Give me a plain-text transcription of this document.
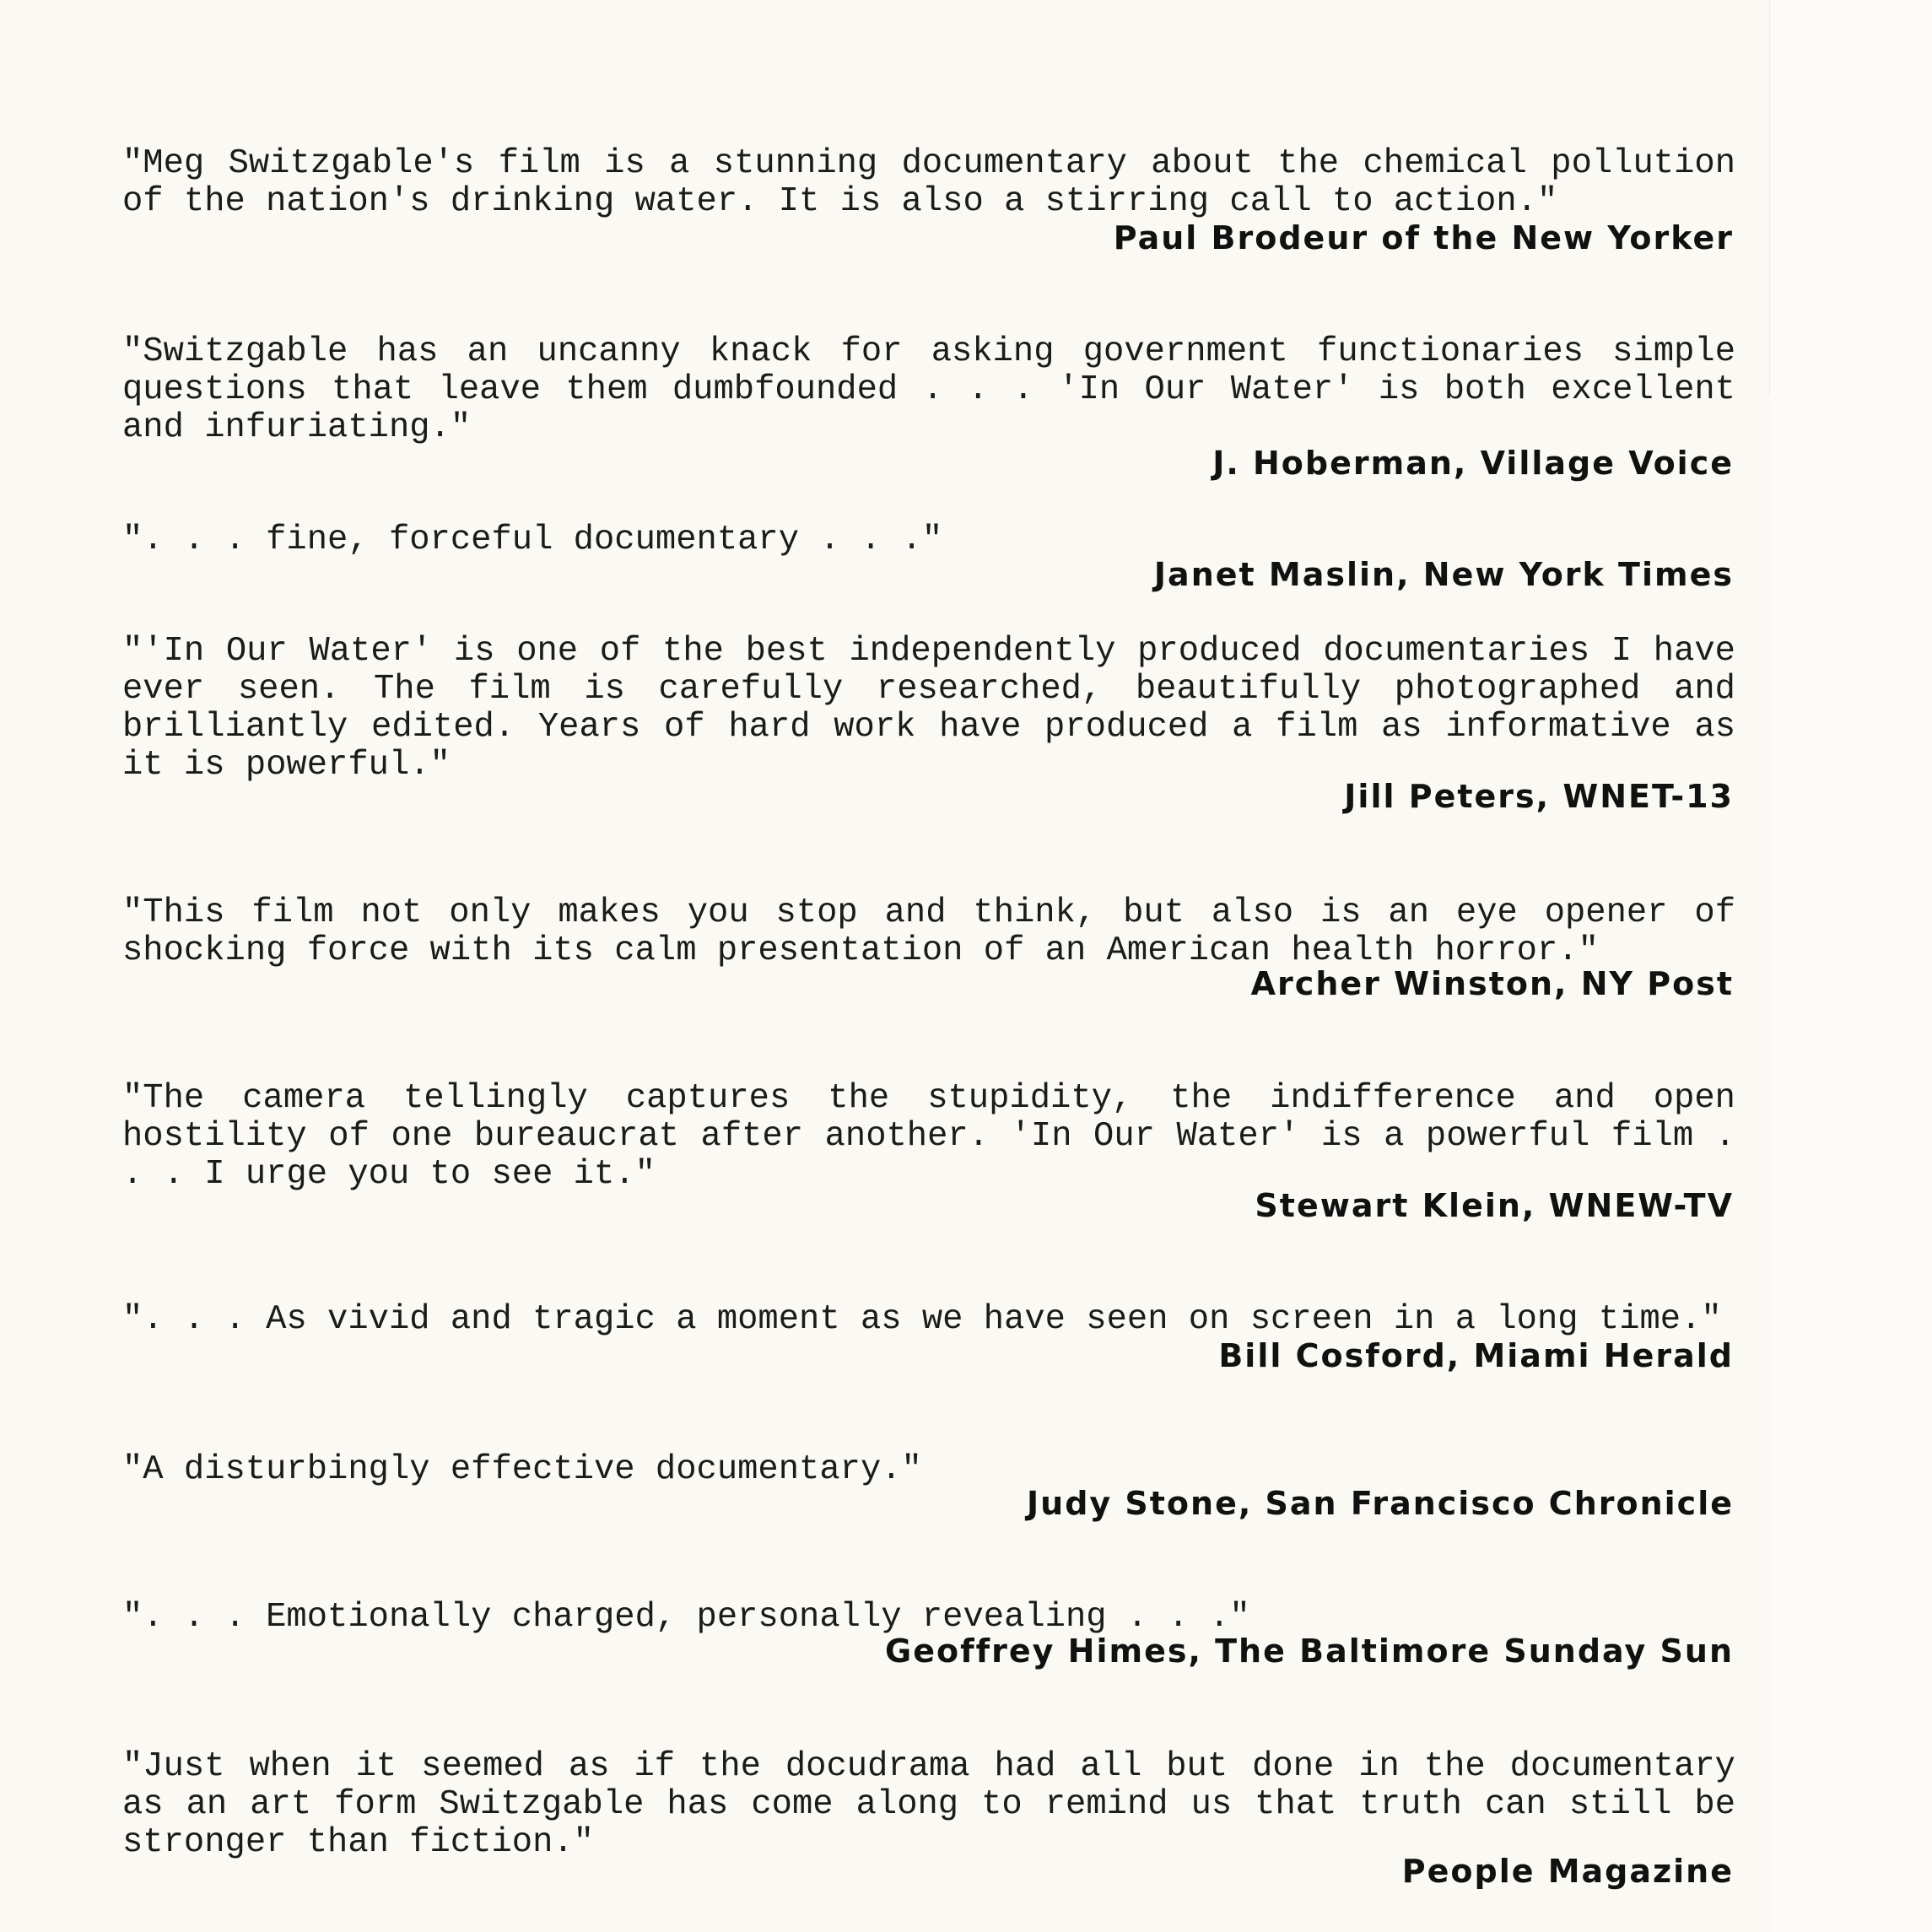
"Meg Switzgable's film is a stunning documentary about the chemical pollution of the nation's drinking water. It is also a stirring call to action."

Paul Brodeur of the New Yorker

"Switzgable has an uncanny knack for asking government functionaries simple questions that leave them dumbfounded . . . 'In Our Water' is both excellent and infuriating."

J. Hoberman, Village Voice

". . . fine, forceful documentary . . ."

Janet Maslin, New York Times

"'In Our Water' is one of the best independently produced documentaries I have ever seen. The film is carefully researched, beautifully photographed and brilliantly edited. Years of hard work have produced a film as informative as it is powerful."

Jill Peters, WNET-13

"This film not only makes you stop and think, but also is an eye opener of shocking force with its calm presentation of an American health horror."

Archer Winston, NY Post

"The camera tellingly captures the stupidity, the indifference and open hostility of one bureaucrat after another. 'In Our Water' is a powerful film . . . I urge you to see it."

Stewart Klein, WNEW-TV

". . . As vivid and tragic a moment as we have seen on screen in a long time."

Bill Cosford, Miami Herald

"A disturbingly effective documentary."

Judy Stone, San Francisco Chronicle

". . . Emotionally charged, personally revealing . . ."

Geoffrey Himes, The Baltimore Sunday Sun

"Just when it seemed as if the docudrama had all but done in the documentary as an art form Switzgable has come along to remind us that truth can still be stronger than fiction."

People Magazine
